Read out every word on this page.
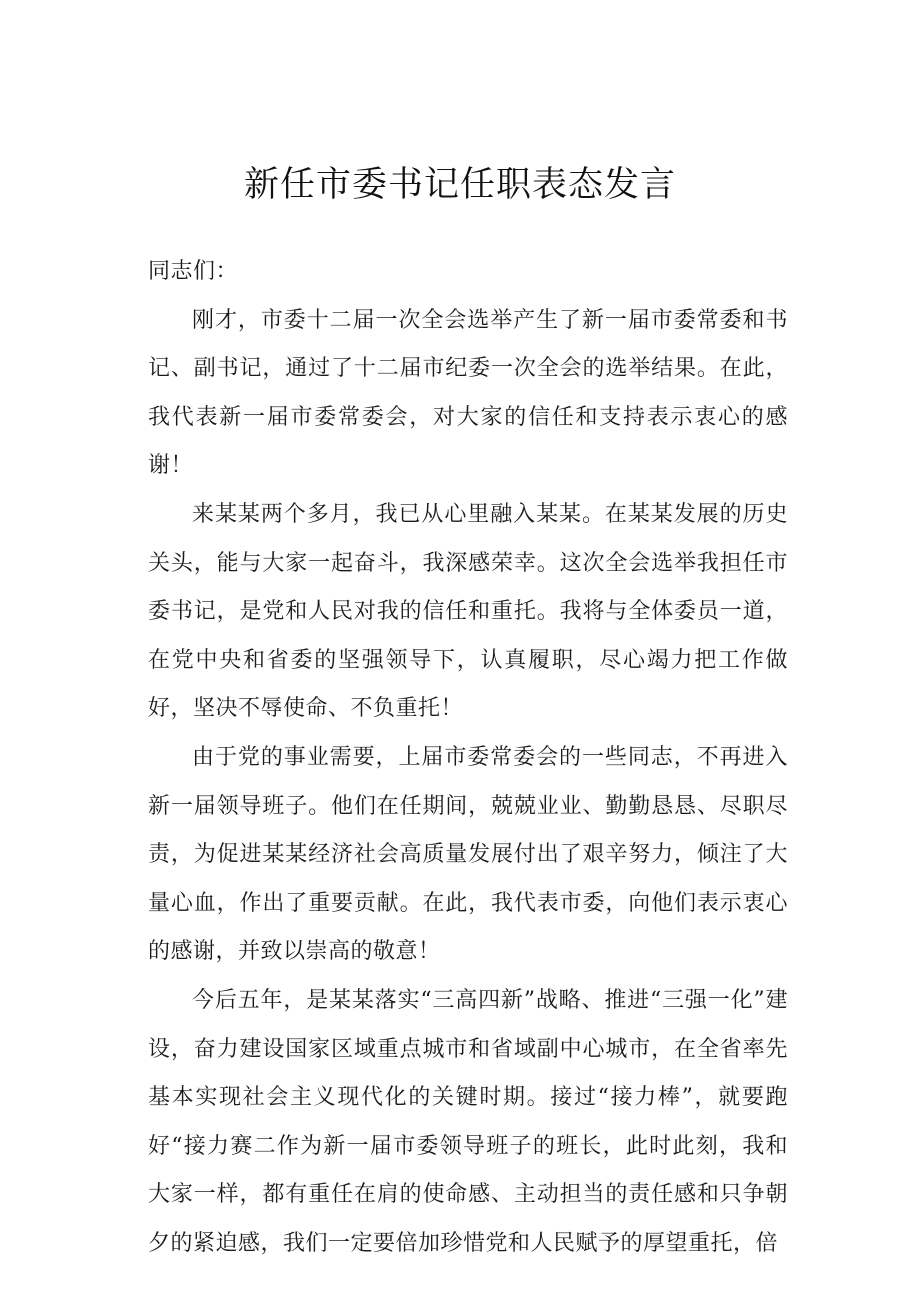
新任市委书记任职表态发言

同志们：

刚才，市委十二届一次全会选举产生了新一届市委常委和书记、副书记，通过了十二届市纪委一次全会的选举结果。在此，我代表新一届市委常委会，对大家的信任和支持表示衷心的感谢！

来某某两个多月，我已从心里融入某某。在某某发展的历史关头，能与大家一起奋斗，我深感荣幸。这次全会选举我担任市委书记，是党和人民对我的信任和重托。我将与全体委员一道，在党中央和省委的坚强领导下，认真履职，尽心竭力把工作做好，坚决不辱使命、不负重托！

由于党的事业需要，上届市委常委会的一些同志，不再进入新一届领导班子。他们在任期间，兢兢业业、勤勤恳恳、尽职尽责，为促进某某经济社会高质量发展付出了艰辛努力，倾注了大量心血，作出了重要贡献。在此，我代表市委，向他们表示衷心的感谢，并致以崇高的敬意！

今后五年，是某某落实“三高四新”战略、推进“三强一化”建设，奋力建设国家区域重点城市和省域副中心城市，在全省率先基本实现社会主义现代化的关键时期。接过“接力棒”，就要跑好“接力赛二作为新一届市委领导班子的班长，此时此刻，我和大家一样，都有重任在肩的使命感、主动担当的责任感和只争朝夕的紧迫感，我们一定要倍加珍惜党和人民赋予的厚望重托，倍
